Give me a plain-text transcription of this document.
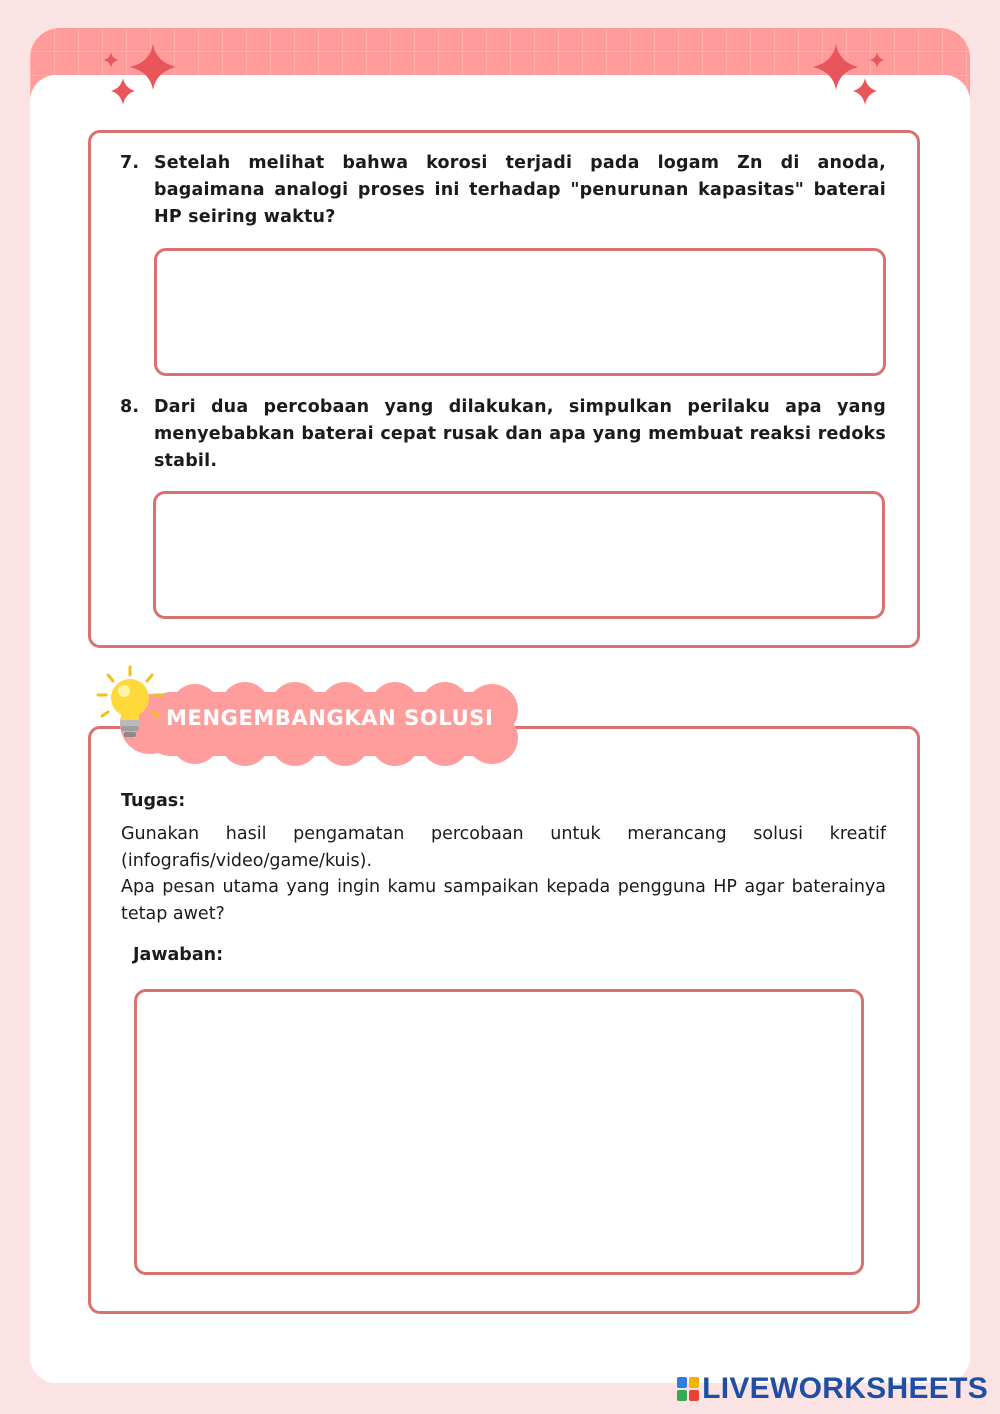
7. Setelah melihat bahwa korosi terjadi pada logam Zn di anoda, bagaimana analogi proses ini terhadap "penurunan kapasitas" baterai HP seiring waktu?
8. Dari dua percobaan yang dilakukan, simpulkan perilaku apa yang menyebabkan baterai cepat rusak dan apa yang membuat reaksi redoks stabil.
MENGEMBANGKAN SOLUSI
Tugas:
Gunakan hasil pengamatan percobaan untuk merancang solusi kreatif (infografis/video/game/kuis).
Apa pesan utama yang ingin kamu sampaikan kepada pengguna HP agar baterainya tetap awet?
Jawaban:
LIVEWORKSHEETS
